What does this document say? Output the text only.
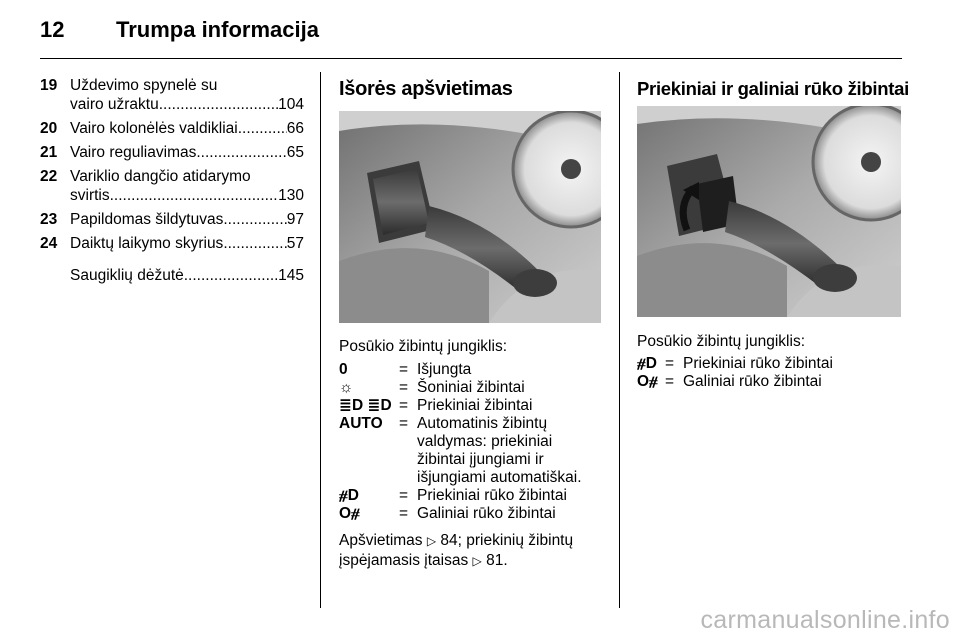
12 Trumpa informacija
19 Uždevimo spynelė su
vairo užraktu .....	104
20 Vairo kolonėlės valdikliai .....	66
21 Vairo reguliavimas .....	65
22 Variklio dangčio atidarymo
svirtis .....	130
23 Papildomas šildytuvas .....	97
24 Daiktų laikymo skyrius .....	57
Saugiklių dėžutė .....	145
Išorės apšvietimas
Posūkio žibintų jungiklis:
0	= Išjungta
☼	= Šoniniai žibintai
≣D ≣D = Priekiniai žibintai
AUTO	= Automatinis žibintų valdymas: priekiniai žibintai įjungiami ir išjungiami automatiškai.
⧣D	= Priekiniai rūko žibintai
O⧣	= Galiniai rūko žibintai
Apšvietimas ▷ 84; priekinių žibintų
įspėjamasis įtaisas ▷ 81.
Priekiniai ir galiniai rūko žibintai
Posūkio žibintų jungiklis:
⧣D = Priekiniai rūko žibintai
O⧣ = Galiniai rūko žibintai
carmanualsonline.info
